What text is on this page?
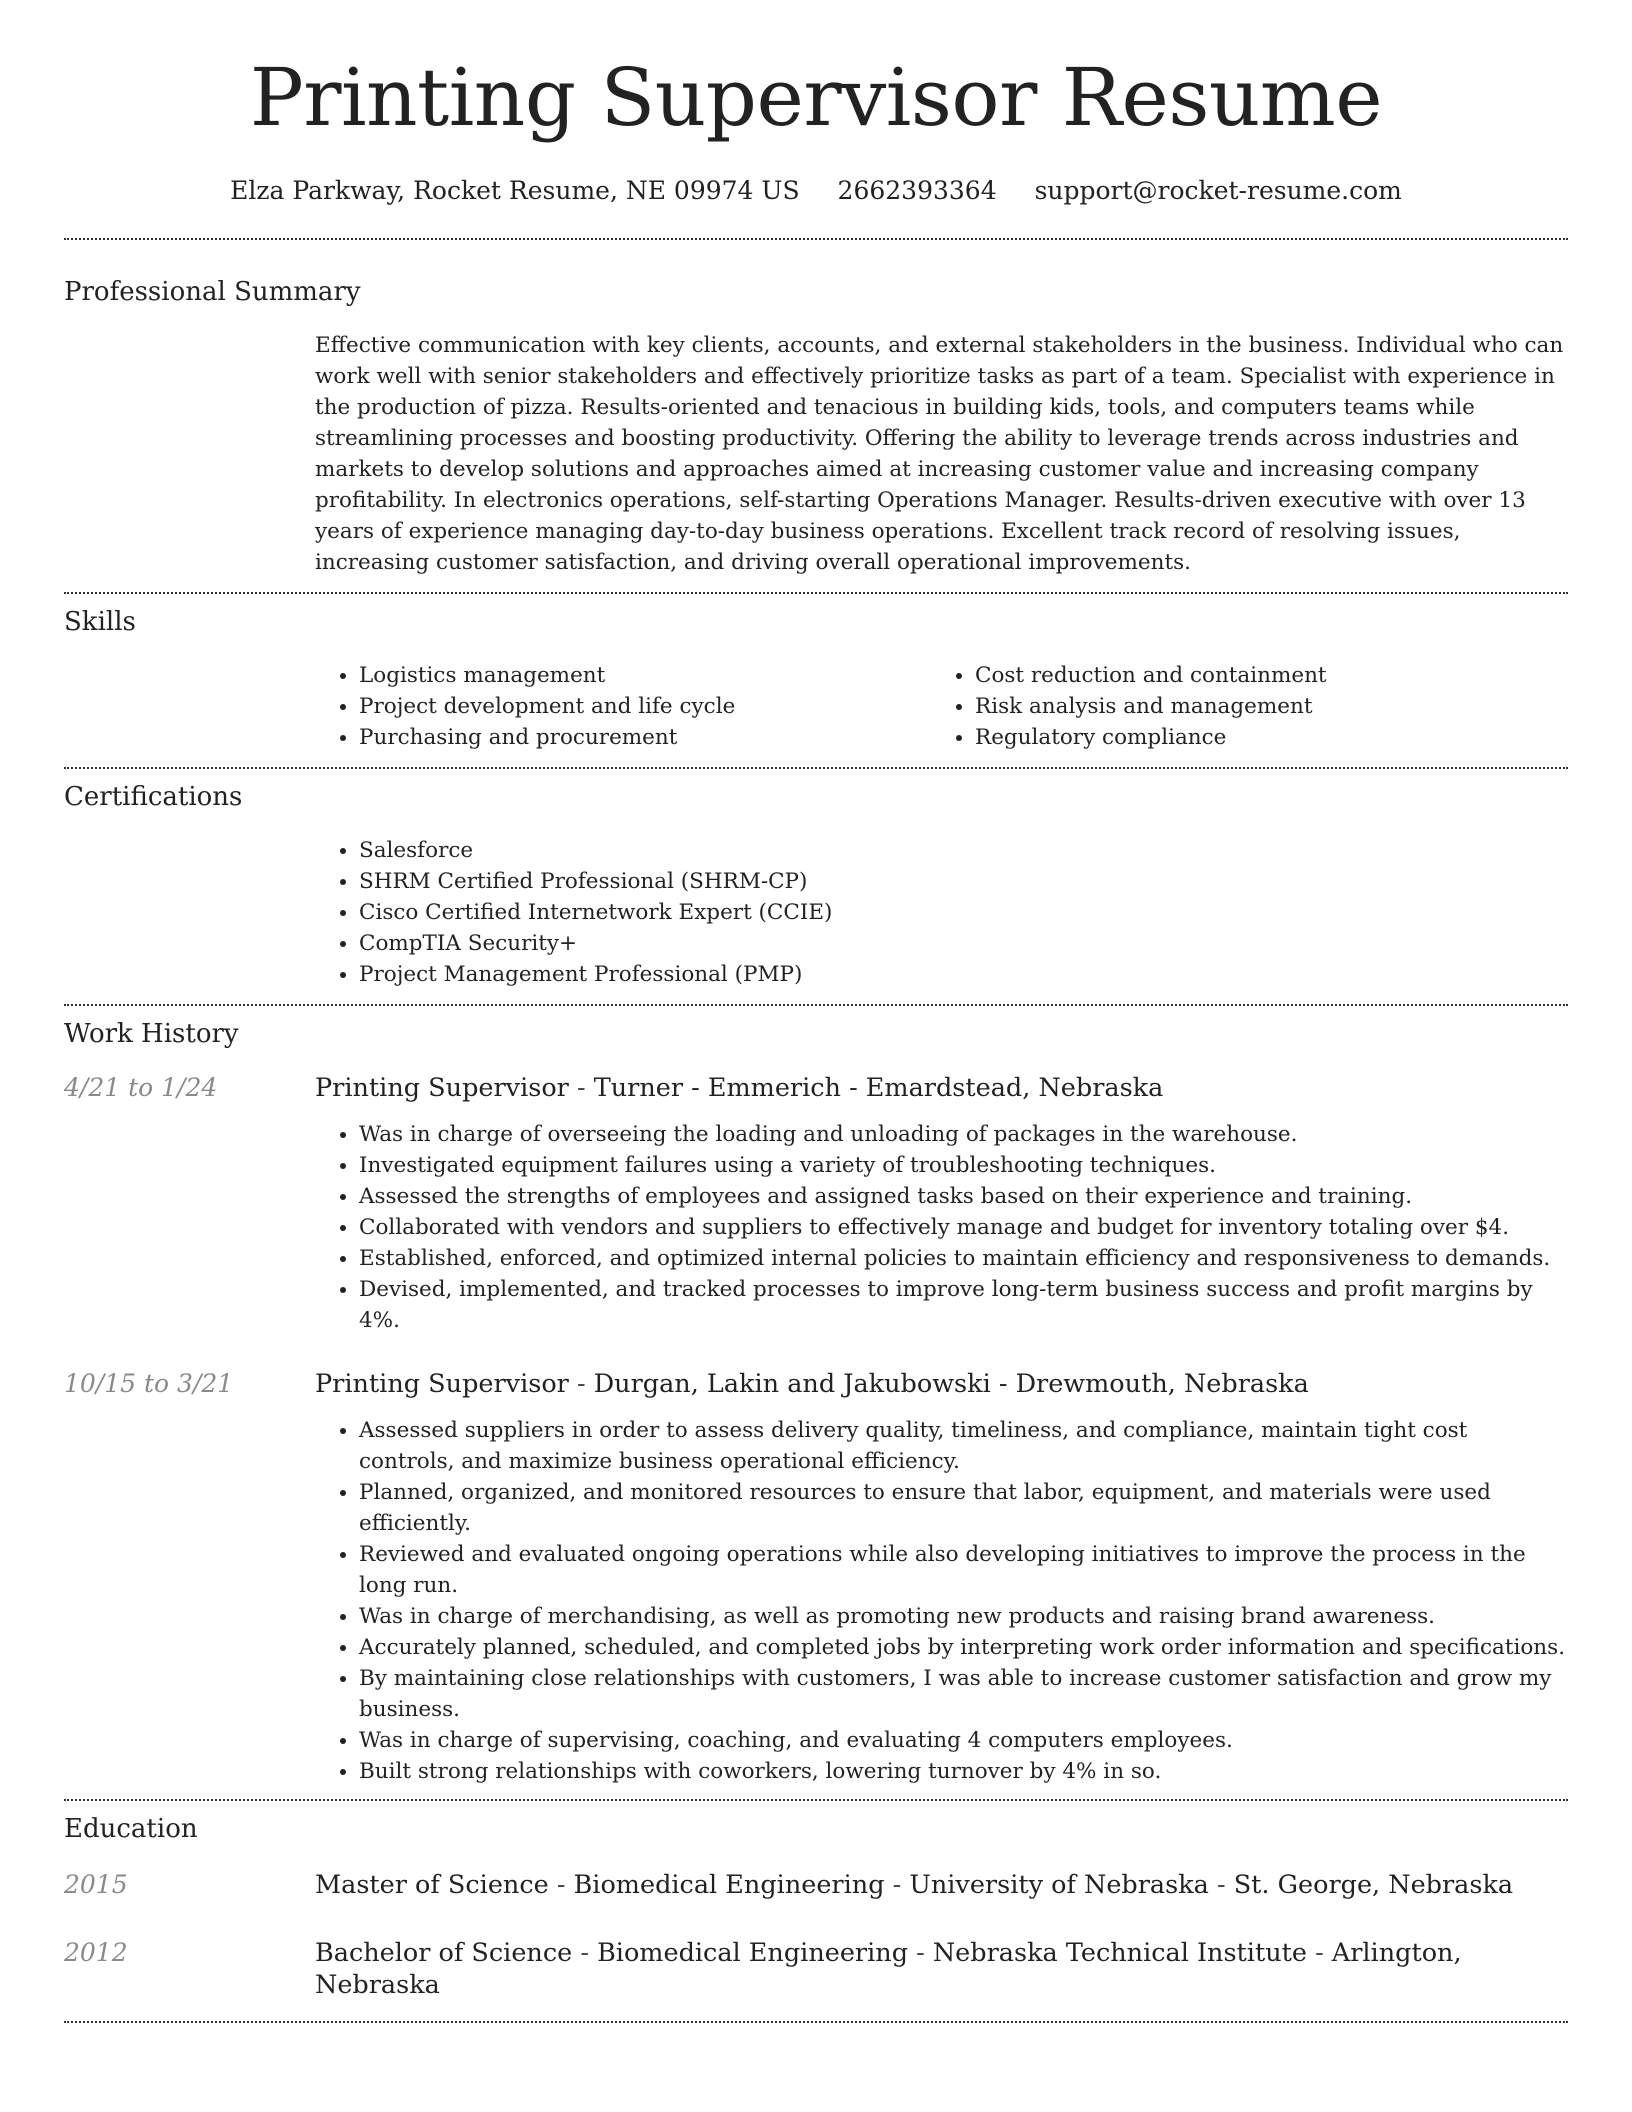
Printing Supervisor Resume
Elza Parkway, Rocket Resume, NE 09974 US 2662393364 support@rocket-resume.com
Professional Summary

Effective communication with key clients, accounts, and external stakeholders in the business. Individual who can work well with senior stakeholders and effectively prioritize tasks as part of a team. Specialist with experience in the production of pizza. Results-oriented and tenacious in building kids, tools, and computers teams while streamlining processes and boosting productivity. Offering the ability to leverage trends across industries and markets to develop solutions and approaches aimed at increasing customer value and increasing company profitability. In electronics operations, self-starting Operations Manager. Results-driven executive with over 13 years of experience managing day-to-day business operations. Excellent track record of resolving issues, increasing customer satisfaction, and driving overall operational improvements.

Skills
• Logistics management
• Project development and life cycle
• Purchasing and procurement
• Cost reduction and containment
• Risk analysis and management
• Regulatory compliance
Certifications
• Salesforce
• SHRM Certified Professional (SHRM-CP)
• Cisco Certified Internetwork Expert (CCIE)
• CompTIA Security+
• Project Management Professional (PMP)
Work History
4/21 to 1/24	Printing Supervisor - Turner - Emmerich - Emardstead, Nebraska
• Was in charge of overseeing the loading and unloading of packages in the warehouse.
• Investigated equipment failures using a variety of troubleshooting techniques.
• Assessed the strengths of employees and assigned tasks based on their experience and training.
• Collaborated with vendors and suppliers to effectively manage and budget for inventory totaling over $4.
• Established, enforced, and optimized internal policies to maintain efficiency and responsiveness to demands.
• Devised, implemented, and tracked processes to improve long-term business success and profit margins by 4%.
10/15 to 3/21	Printing Supervisor - Durgan, Lakin and Jakubowski - Drewmouth, Nebraska
• Assessed suppliers in order to assess delivery quality, timeliness, and compliance, maintain tight cost controls, and maximize business operational efficiency.
• Planned, organized, and monitored resources to ensure that labor, equipment, and materials were used efficiently.
• Reviewed and evaluated ongoing operations while also developing initiatives to improve the process in the long run.
• Was in charge of merchandising, as well as promoting new products and raising brand awareness.
• Accurately planned, scheduled, and completed jobs by interpreting work order information and specifications.
• By maintaining close relationships with customers, I was able to increase customer satisfaction and grow my business.
• Was in charge of supervising, coaching, and evaluating 4 computers employees.
• Built strong relationships with coworkers, lowering turnover by 4% in so.
Education
2015	Master of Science - Biomedical Engineering - University of Nebraska - St. George, Nebraska
2012	Bachelor of Science - Biomedical Engineering - Nebraska Technical Institute - Arlington, Nebraska
